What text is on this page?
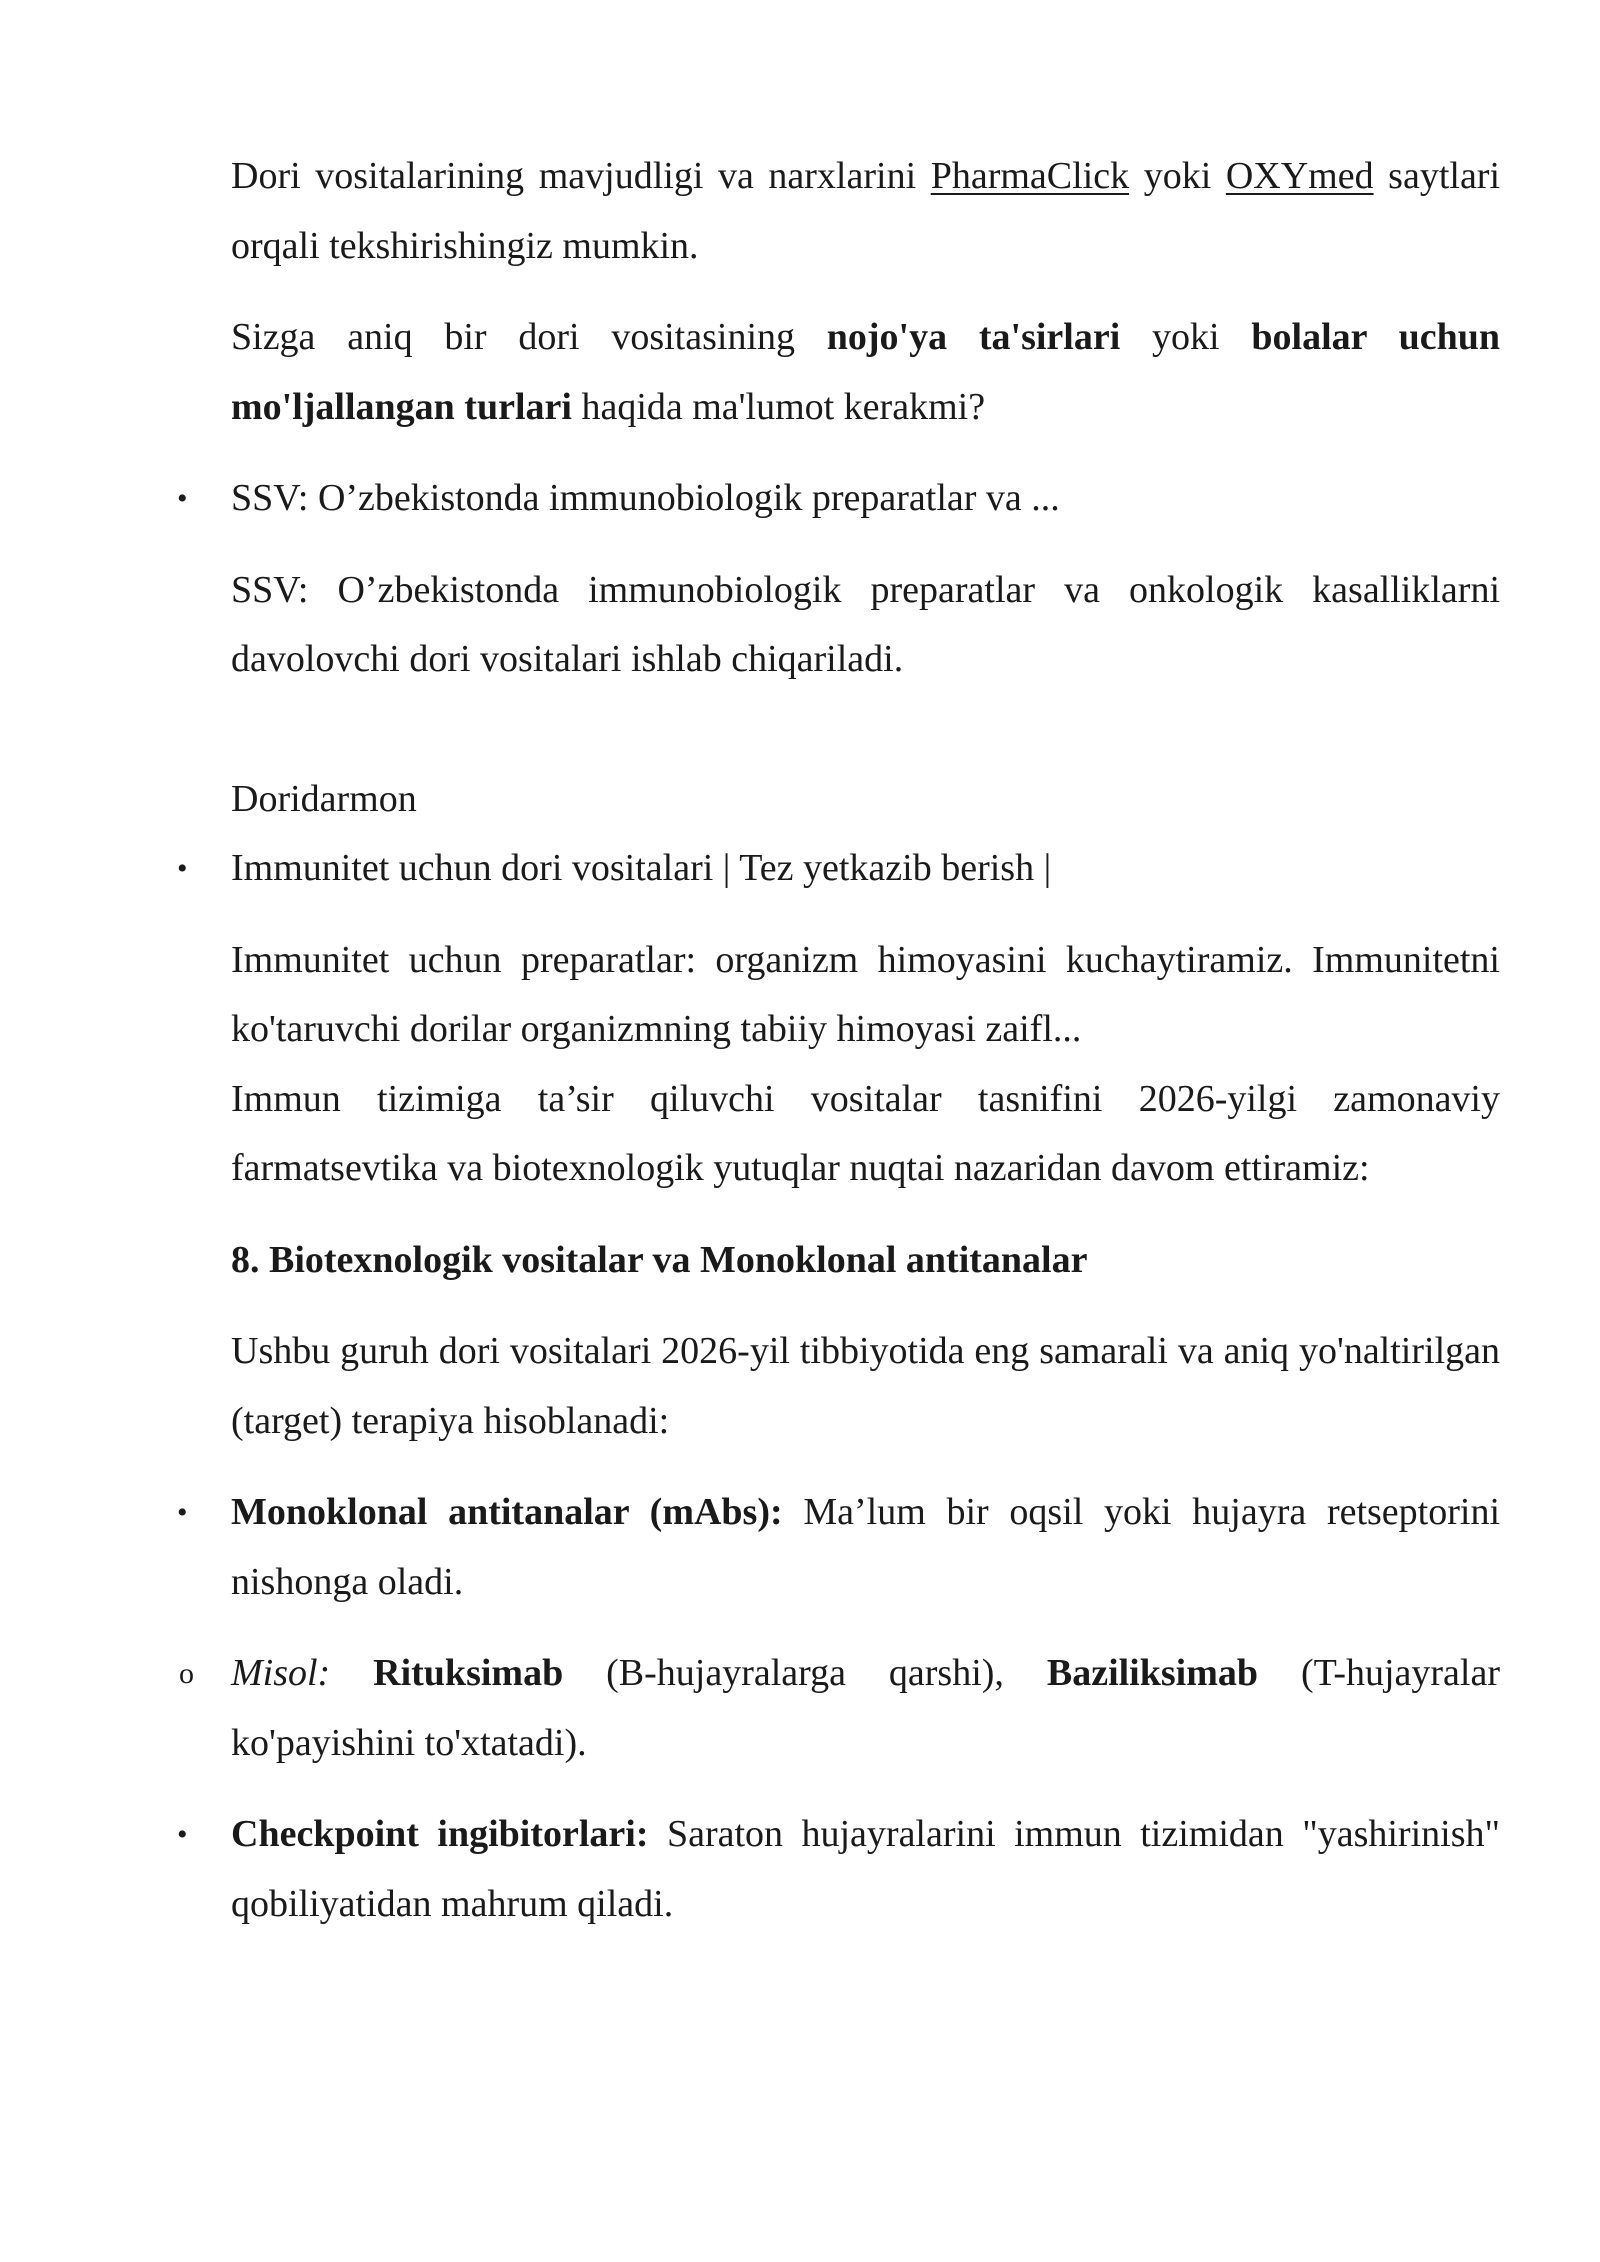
Dori vositalarining mavjudligi va narxlarini PharmaClick yoki OXYmed saytlari orqali tekshirishingiz mumkin.

Sizga aniq bir dori vositasining nojo'ya ta'sirlari yoki bolalar uchun mo'ljallangan turlari haqida ma'lumot kerakmi?

• SSV: O’zbekistonda immunobiologik preparatlar va ...

SSV: O’zbekistonda immunobiologik preparatlar va onkologik kasalliklarni davolovchi dori vositalari ishlab chiqariladi.

Doridarmon

• Immunitet uchun dori vositalari | Tez yetkazib berish |

Immunitet uchun preparatlar: organizm himoyasini kuchaytiramiz. Immunitetni ko'taruvchi dorilar organizmning tabiiy himoyasi zaifl...

Immun tizimiga ta’sir qiluvchi vositalar tasnifini 2026-yilgi zamonaviy farmatsevtika va biotexnologik yutuqlar nuqtai nazaridan davom ettiramiz:

8. Biotexnologik vositalar va Monoklonal antitanalar

Ushbu guruh dori vositalari 2026-yil tibbiyotida eng samarali va aniq yo'naltirilgan (target) terapiya hisoblanadi:

• Monoklonal antitanalar (mAbs): Ma’lum bir oqsil yoki hujayra retseptorini nishonga oladi.

o Misol: Rituksimab (B-hujayralarga qarshi), Baziliksimab (T-hujayralar ko'payishini to'xtatadi).

• Checkpoint ingibitorlari: Saraton hujayralarini immun tizimidan "yashirinish" qobiliyatidan mahrum qiladi.
